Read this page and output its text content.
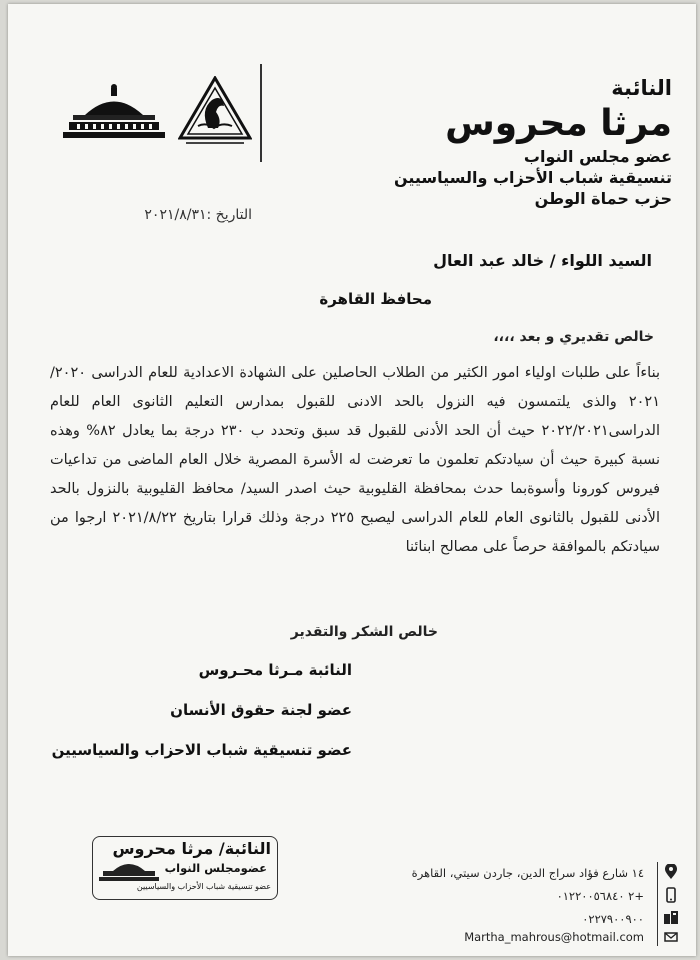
النائبة
مرثا محروس
عضو مجلس النواب
تنسيقية شباب الأحزاب والسياسيين
حزب حماة الوطن
التاريخ :٢٠٢١/٨/٣١
السيد اللواء / خالد عبد العال
محافظ القاهرة
خالص تقديري و بعد ،،،،
بناءاً على طلبات اولياء امور الكثير من الطلاب الحاصلين على الشهادة الاعدادية للعام الدراسى ٢٠٢٠/ ٢٠٢١ والذى يلتمسون فيه النزول بالحد الادنى للقبول بمدارس التعليم الثانوى العام للعام الدراسى٢٠٢٢/٢٠٢١ حيث أن الحد الأدنى للقبول قد سبق وتحدد ب ٢٣٠ درجة بما يعادل ٨٢% وهذه نسبة كبيرة حيث أن سيادتكم تعلمون ما تعرضت له الأسرة المصرية خلال العام الماضى من تداعيات فيروس كورونا وأسوةبما حدث بمحافظة القليوبية حيث اصدر السيد/ محافظ القليوبية بالنزول بالحد الأدنى للقبول بالثانوى العام للعام الدراسى ليصبح ٢٢٥ درجة وذلك قرارا بتاريخ ٢٠٢١/٨/٢٢ ارجوا من سيادتكم بالموافقة حرصاً على مصالح ابنائنا
خالص الشكر والتقدير
النائبة مـرثا محـروس
عضو لجنة حقوق الأنسان
عضو تنسيقية شباب الاحزاب والسياسيين
النائبة/ مرثا محروس
عضومجلس النواب
عضو تنسيقية شباب الأحزاب والسياسيين
١٤ شارع فؤاد سراج الدين، جاردن سيتي، القاهرة
+٢ ٠١٢٢٠٠٥٦٨٤٠
٠٢٢٧٩٠٠٩٠٠
Martha_mahrous@hotmail.com
